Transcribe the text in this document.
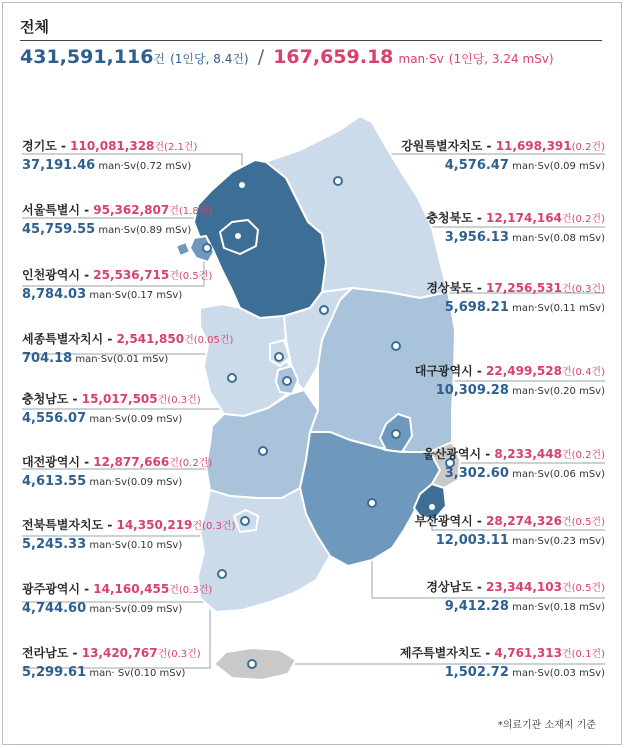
전체
431,591,116건 (1인당, 8.4건) / 167,659.18 man·Sv (1인당, 3.24 mSv)
경기도 - 110,081,328건(2.1건)
37,191.46 man·Sv(0.72 mSv)
서울특별시 - 95,362,807건(1.8건)
45,759.55 man·Sv(0.89 mSv)
인천광역시 - 25,536,715건(0.5건)
8,784.03 man·Sv(0.17 mSv)
세종특별자치시 - 2,541,850건(0.05건)
704.18 man·Sv(0.01 mSv)
충청남도 - 15,017,505건(0.3건)
4,556.07 man·Sv(0.09 mSv)
대전광역시 - 12,877,666건(0.2건)
4,613.55 man·Sv(0.09 mSv)
전북특별자치도 - 14,350,219건(0.3건)
5,245.33 man·Sv(0.10 mSv)
광주광역시 - 14,160,455건(0.3건)
4,744.60 man·Sv(0.09 mSv)
전라남도 - 13,420,767건(0.3건)
5,299.61 man· Sv(0.10 mSv)
강원특별자치도 - 11,698,391(0.2건)
4,576.47 man·Sv(0.09 mSv)
충청북도 - 12,174,164건(0.2건)
3,956.13 man·Sv(0.08 mSv)
경상북도 - 17,256,531건(0.3건)
5,698.21 man·Sv(0.11 mSv)
대구광역시 - 22,499,528건(0.4건)
10,309.28 man·Sv(0.20 mSv)
울산광역시 - 8,233,448건(0.2건)
3,302.60 man·Sv(0.06 mSv)
부산광역시 - 28,274,326건(0.5건)
12,003.11 man·Sv(0.23 mSv)
경상남도 - 23,344,103건(0.5건)
9,412.28 man·Sv(0.18 mSv)
제주특별자치도 - 4,761,313건(0.1건)
1,502.72 man·Sv(0.03 mSv)
*의료기관 소재지 기준
